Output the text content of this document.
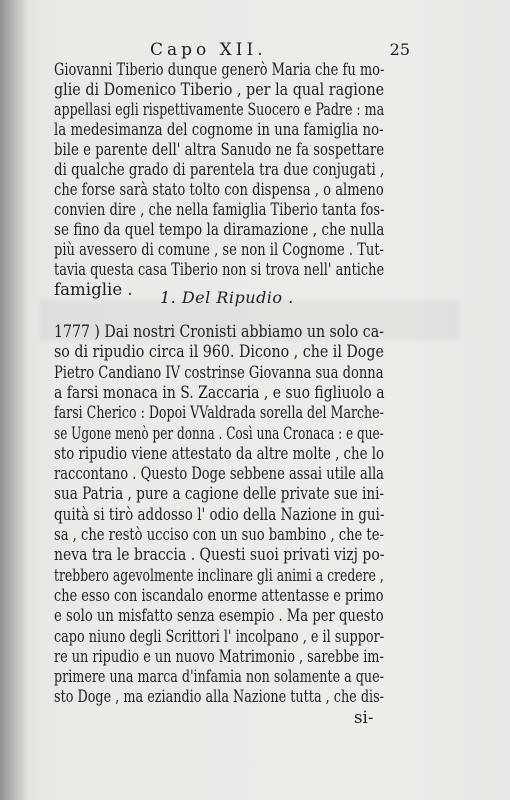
Capo XII.	25
Giovanni Tiberio dunque generò Maria che fu mo-
glie di Domenico Tiberio , per la qual ragione
appellasi egli rispettivamente Suocero e Padre : ma
la medesimanza del cognome in una famiglia no-
bile e parente dell' altra Sanudo ne fa sospettare
di qualche grado di parentela tra due conjugati ,
che forse sarà stato tolto con dispensa , o almeno
convien dire , che nella famiglia Tiberio tanta fos-
se fino da quel tempo la diramazione , che nulla
più avessero di comune , se non il Cognome . Tut-
tavia questa casa Tiberio non si trova nell' antiche
famiglie . 1. Del Ripudio .
1777 ) Dai nostri Cronisti abbiamo un solo ca-
so di ripudio circa il 960. Dicono , che il Doge
Pietro Candiano IV costrinse Giovanna sua donna
a farsi monaca in S. Zaccaria , e suo figliuolo a
farsi Cherico : Dopoi VValdrada sorella del Marche-
se Ugone menò per donna . Così una Cronaca : e que-
sto ripudio viene attestato da altre molte , che lo
raccontano . Questo Doge sebbene assai utile alla
sua Patria , pure a cagione delle private sue ini-
quità si tirò addosso l' odio della Nazione in gui-
sa , che restò ucciso con un suo bambino , che te-
neva tra le braccia . Questi suoi privati vizj po-
trebbero agevolmente inclinare gli animi a credere ,
che esso con iscandalo enorme attentasse e primo
e solo un misfatto senza esempio . Ma per questo
capo niuno degli Scrittori l' incolpano , e il suppor-
re un ripudio e un nuovo Matrimonio , sarebbe im-
primere una marca d'infamia non solamente a que-
sto Doge , ma eziandio alla Nazione tutta , che dis-
si-
